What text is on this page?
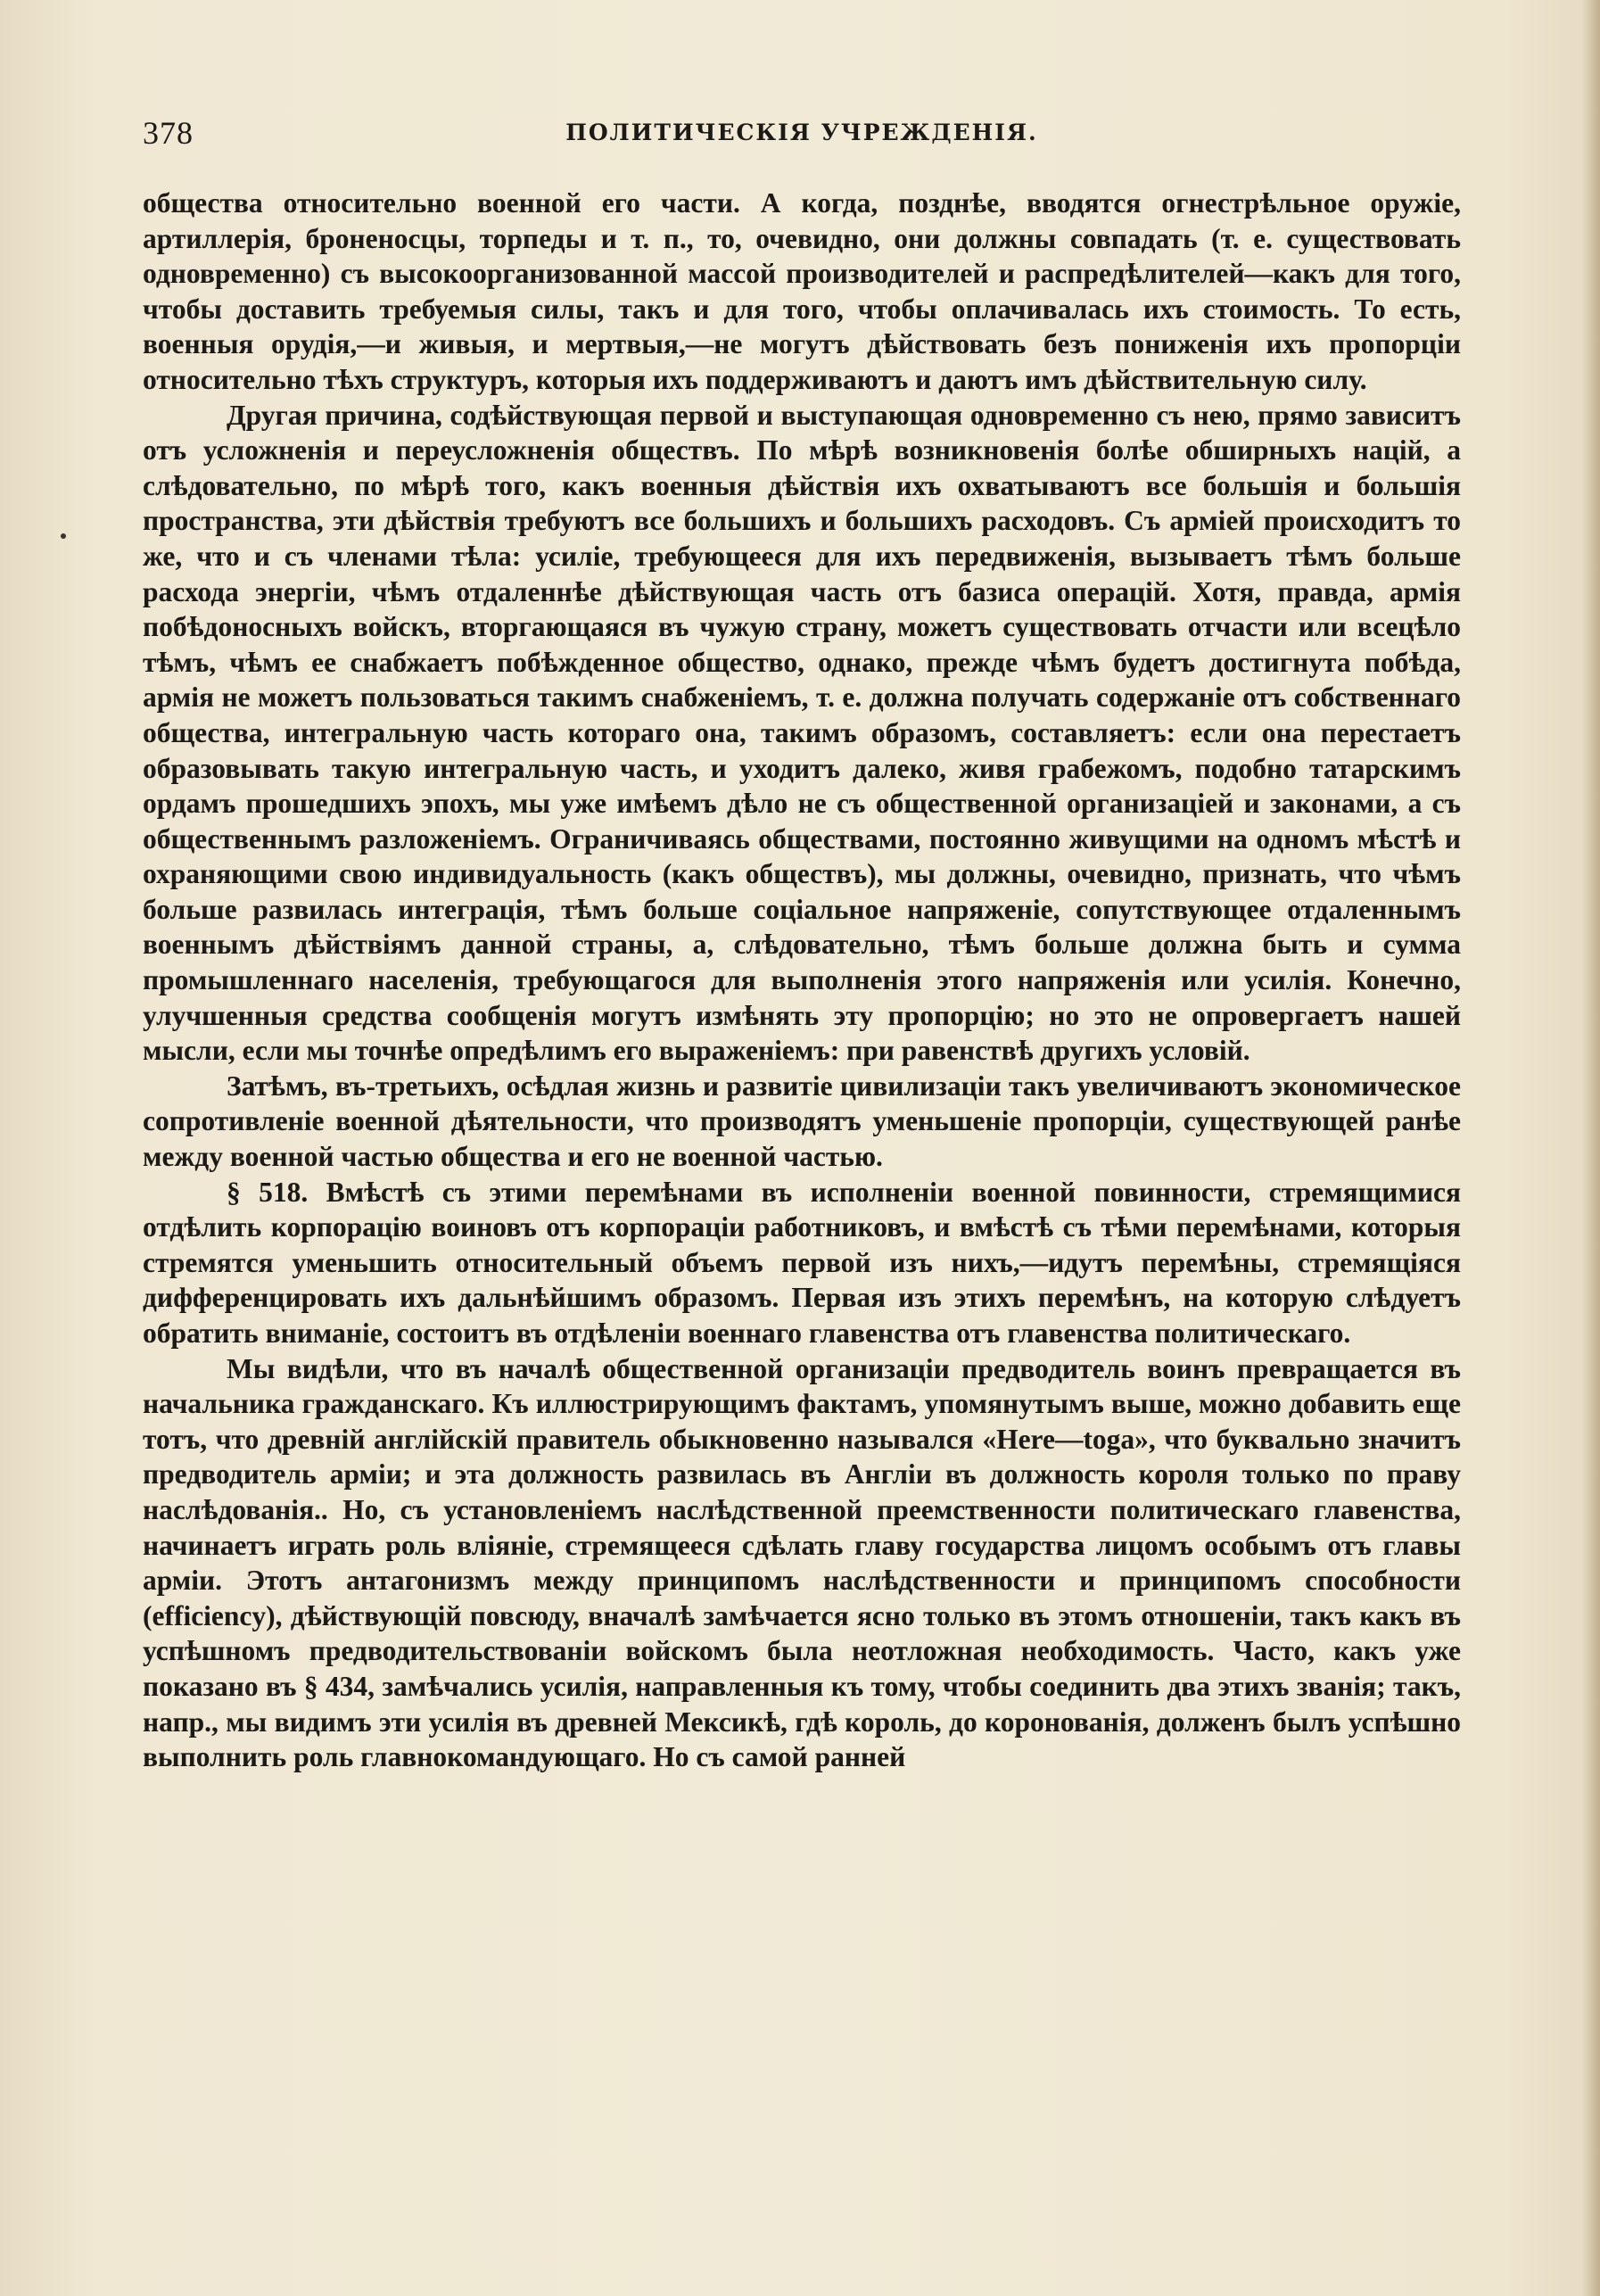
378	ПОЛИТИЧЕСКІЯ УЧРЕЖДЕНІЯ.

общества относительно военной его части. А когда, позднѣе, вводятся огнестрѣльное оружіе, артиллерія, броненосцы, торпеды и т. п., то, очевидно, они должны совпадать (т. е. существовать одновременно) съ высокоорганизованной массой производителей и распредѣлителей—какъ для того, чтобы доставить требуемыя силы, такъ и для того, чтобы оплачивалась ихъ стоимость. То есть, военныя орудія,—и живыя, и мертвыя,—не могутъ дѣйствовать безъ пониженія ихъ пропорціи относительно тѣхъ структуръ, которыя ихъ поддерживаютъ и даютъ имъ дѣйствительную силу.

Другая причина, содѣйствующая первой и выступающая одновременно съ нею, прямо зависитъ отъ усложненія и переусложненія обществъ. По мѣрѣ возникновенія болѣе обширныхъ націй, а слѣдовательно, по мѣрѣ того, какъ военныя дѣйствія ихъ охватываютъ все большія и большія пространства, эти дѣйствія требуютъ все большихъ и большихъ расходовъ. Съ арміей происходитъ то же, что и съ членами тѣла: усиліе, требующееся для ихъ передвиженія, вызываетъ тѣмъ больше расхода энергіи, чѣмъ отдаленнѣе дѣйствующая часть отъ базиса операцій. Хотя, правда, армія побѣдоносныхъ войскъ, вторгающаяся въ чужую страну, можетъ существовать отчасти или всецѣло тѣмъ, чѣмъ ее снабжаетъ побѣжденное общество, однако, прежде чѣмъ будетъ достигнута побѣда, армія не можетъ пользоваться такимъ снабженіемъ, т. е. должна получать содержаніе отъ собственнаго общества, интегральную часть котораго она, такимъ образомъ, составляетъ: если она перестаетъ образовывать такую интегральную часть, и уходитъ далеко, живя грабежомъ, подобно татарскимъ ордамъ прошедшихъ эпохъ, мы уже имѣемъ дѣло не съ общественной организаціей и законами, а съ общественнымъ разложеніемъ. Ограничиваясь обществами, постоянно живущими на одномъ мѣстѣ и охраняющими свою индивидуальность (какъ обществъ), мы должны, очевидно, признать, что чѣмъ больше развилась интеграція, тѣмъ больше соціальное напряженіе, сопутствующее отдаленнымъ военнымъ дѣйствіямъ данной страны, а, слѣдовательно, тѣмъ больше должна быть и сумма промышленнаго населенія, требующагося для выполненія этого напряженія или усилія. Конечно, улучшенныя средства сообщенія могутъ измѣнять эту пропорцію; но это не опровергаетъ нашей мысли, если мы точнѣе опредѣлимъ его выраженіемъ: при равенствѣ другихъ условій.

Затѣмъ, въ-третьихъ, осѣдлая жизнь и развитіе цивилизаціи такъ увеличиваютъ экономическое сопротивленіе военной дѣятельности, что производятъ уменьшеніе пропорціи, существующей ранѣе между военной частью общества и его не военной частью.

§ 518. Вмѣстѣ съ этими перемѣнами въ исполненіи военной повинности, стремящимися отдѣлить корпорацію воиновъ отъ корпораціи работниковъ, и вмѣстѣ съ тѣми перемѣнами, которыя стремятся уменьшить относительный объемъ первой изъ нихъ,—идутъ перемѣны, стремящіяся дифференцировать ихъ дальнѣйшимъ образомъ. Первая изъ этихъ перемѣнъ, на которую слѣдуетъ обратить вниманіе, состоитъ въ отдѣленіи военнаго главенства отъ главенства политическаго.

Мы видѣли, что въ началѣ общественной организаціи предводитель воинъ превращается въ начальника гражданскаго. Къ иллюстрирующимъ фактамъ, упомянутымъ выше, можно добавить еще тотъ, что древній англійскій правитель обыкновенно назывался «Here—toga», что буквально значитъ предводитель арміи; и эта должность развилась въ Англіи въ должность короля только по праву наслѣдованія.. Но, съ установленіемъ наслѣдственной преемственности политическаго главенства, начинаетъ играть роль вліяніе, стремящееся сдѣлать главу государства лицомъ особымъ отъ главы арміи. Этотъ антагонизмъ между принципомъ наслѣдственности и принципомъ способности (efficiency), дѣйствующій повсюду, вначалѣ замѣчается ясно только въ этомъ отношеніи, такъ какъ въ успѣшномъ предводительствованіи войскомъ была неотложная необходимость. Часто, какъ уже показано въ § 434, замѣчались усилія, направленныя къ тому, чтобы соединить два этихъ званія; такъ, напр., мы видимъ эти усилія въ древней Мексикѣ, гдѣ король, до коронованія, долженъ былъ успѣшно выполнить роль главнокомандующаго. Но съ самой ранней
